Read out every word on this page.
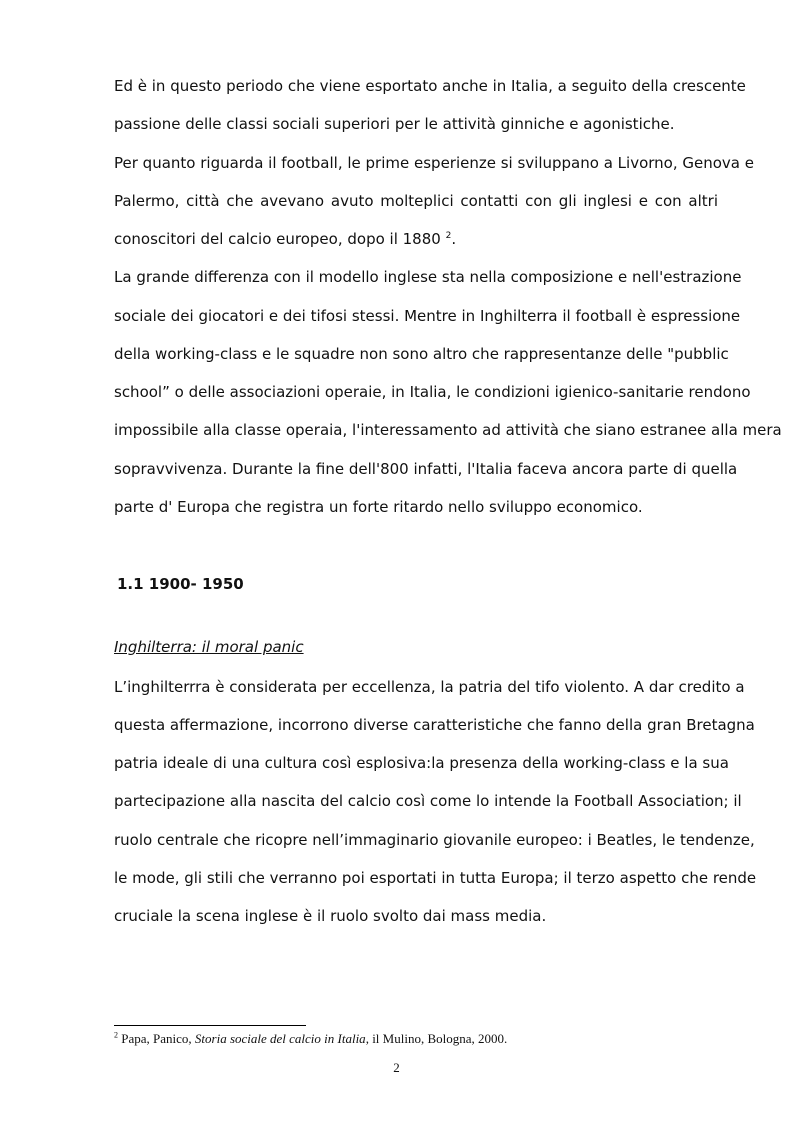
Ed è in questo periodo che viene esportato anche in Italia, a seguito della crescente

passione delle classi sociali superiori per le attività ginniche e agonistiche.

Per quanto riguarda il football, le prime esperienze si sviluppano a Livorno, Genova e

Palermo, città che avevano avuto molteplici contatti con gli inglesi e con altri

conoscitori del calcio europeo, dopo il 1880 $^2$.

La grande differenza con il modello inglese sta nella composizione e nell'estrazione

sociale dei giocatori e dei tifosi stessi. Mentre in Inghilterra il football è espressione

della working-class e le squadre non sono altro che rappresentanze delle "pubblic

school” o delle associazioni operaie, in Italia, le condizioni igienico-sanitarie rendono

impossibile alla classe operaia, l'interessamento ad attività che siano estranee alla mera

sopravvivenza. Durante la fine dell'800 infatti, l'Italia faceva ancora parte di quella

parte d' Europa che registra un forte ritardo nello sviluppo economico.

1.1 1900- 1950

Inghilterra: il moral panic

L’inghilterrra è considerata per eccellenza, la patria del tifo violento. A dar credito a

questa affermazione, incorrono diverse caratteristiche che fanno della gran Bretagna

patria ideale di una cultura così esplosiva:la presenza della working-class e la sua

partecipazione alla nascita del calcio così come lo intende la Football Association; il

ruolo centrale che ricopre nell’immaginario giovanile europeo: i Beatles, le tendenze,

le mode, gli stili che verranno poi esportati in tutta Europa; il terzo aspetto che rende

cruciale la scena inglese è il ruolo svolto dai mass media.

$^2$ Papa, Panico, Storia sociale del calcio in Italia, il Mulino, Bologna, 2000.

2
